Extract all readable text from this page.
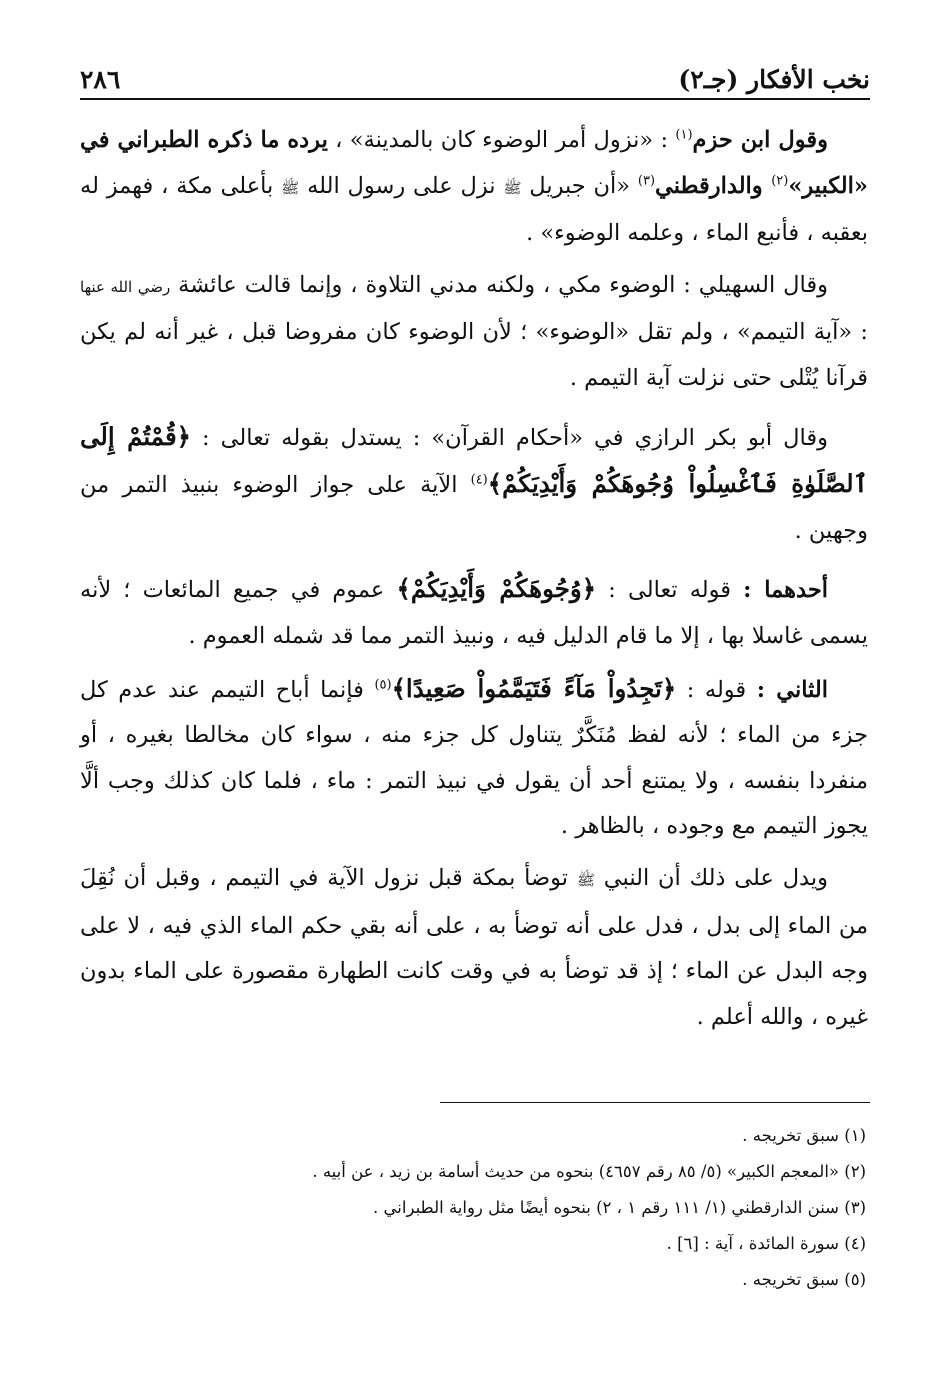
نخب الأفكار (جـ٢)
٢٨٦

وقول ابن حزم$^{(١)}$ : «نزول أمر الوضوء كان بالمدينة» ، يرده ما ذكره الطبراني في «الكبير»$^{(٢)}$ والدارقطني$^{(٣)}$ «أن جبريل ﷺ نزل على رسول الله ﷺ بأعلى مكة ، فهمز له بعقبه ، فأنبع الماء ، وعلمه الوضوء» .

وقال السهيلي : الوضوء مكي ، ولكنه مدني التلاوة ، وإنما قالت عائشة رضي الله عنها : «آية التيمم» ، ولم تقل «الوضوء» ؛ لأن الوضوء كان مفروضا قبل ، غير أنه لم يكن قرآنا يُتْلى حتى نزلت آية التيمم .

وقال أبو بكر الرازي في «أحكام القرآن» : يستدل بقوله تعالى : ﴿قُمْتُمْ إِلَى ٱلصَّلَوٰةِ فَٱغْسِلُواْ وُجُوهَكُمْ وَأَيْدِيَكُمْ﴾$^{(٤)}$ الآية على جواز الوضوء بنبيذ التمر من وجهين .

أحدهما : قوله تعالى : ﴿وُجُوهَكُمْ وَأَيْدِيَكُمْ﴾ عموم في جميع المائعات ؛ لأنه يسمى غاسلا بها ، إلا ما قام الدليل فيه ، ونبيذ التمر مما قد شمله العموم .

الثاني : قوله : ﴿تَجِدُواْ مَآءً فَتَيَمَّمُواْ صَعِيدًا﴾$^{(٥)}$ فإنما أباح التيمم عند عدم كل جزء من الماء ؛ لأنه لفظ مُنَكَّرٌ يتناول كل جزء منه ، سواء كان مخالطا بغيره ، أو منفردا بنفسه ، ولا يمتنع أحد أن يقول في نبيذ التمر : ماء ، فلما كان كذلك وجب ألَّا يجوز التيمم مع وجوده ، بالظاهر .

ويدل على ذلك أن النبي ﷺ توضأ بمكة قبل نزول الآية في التيمم ، وقبل أن نُقِلَ من الماء إلى بدل ، فدل على أنه توضأ به ، على أنه بقي حكم الماء الذي فيه ، لا على وجه البدل عن الماء ؛ إذ قد توضأ به في وقت كانت الطهارة مقصورة على الماء بدون غيره ، والله أعلم .

(١) سبق تخريجه .
(٢) «المعجم الكبير» (٥/ ٨٥ رقم ٤٦٥٧) بنحوه من حديث أسامة بن زيد ، عن أبيه .
(٣) سنن الدارقطني (١/ ١١١ رقم ١ ، ٢) بنحوه أيضًا مثل رواية الطبراني .
(٤) سورة المائدة ، آية : [٦] .
(٥) سبق تخريجه .
